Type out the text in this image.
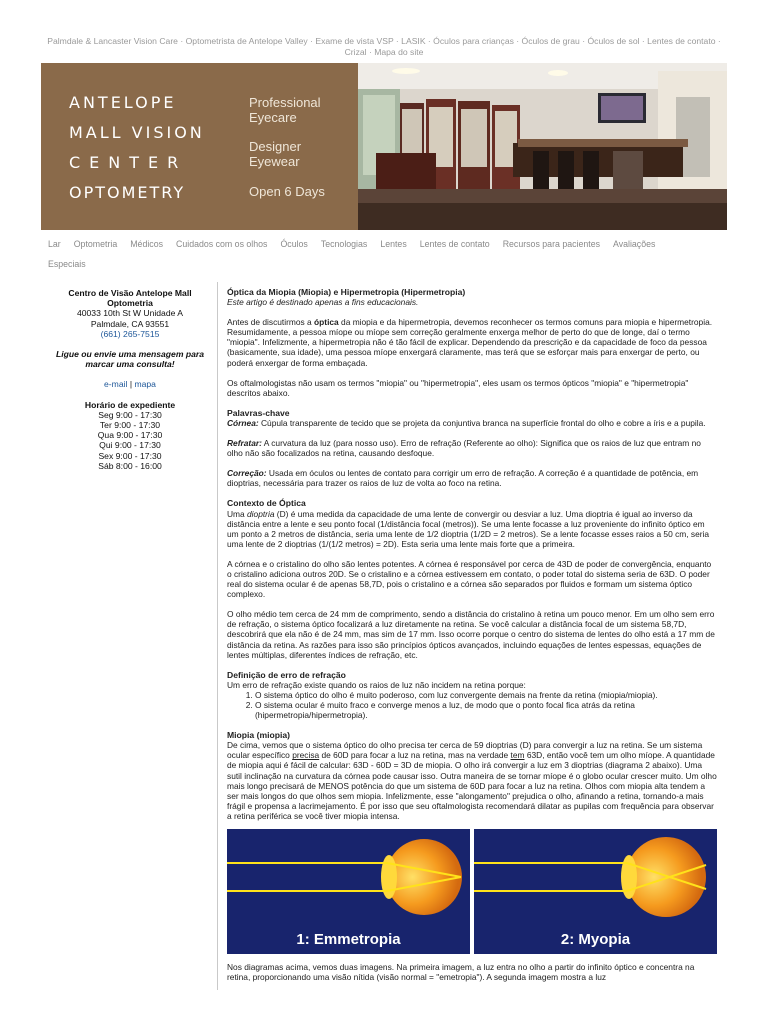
Palmdale & Lancaster Vision Care · Optometrista de Antelope Valley · Exame de vista VSP · LASIK · Óculos para crianças · Óculos de grau · Óculos de sol · Lentes de contato · Crizal · Mapa do site
ANTELOPE
MALL VISION
CENTER
OPTOMETRY
Professional Eyecare
Designer Eyewear
Open 6 Days
Lar Optometria Médicos Cuidados com os olhos Óculos Tecnologias Lentes Lentes de contato Recursos para pacientes Avaliações
Especiais
Centro de Visão Antelope Mall Optometria
40033 10th St W Unidade A
Palmdale, CA 93551
(661) 265-7515
Ligue ou envie uma mensagem para marcar uma consulta!
e-mail | mapa
Horário de expediente
Seg 9:00 - 17:30
Ter 9:00 - 17:30
Qua 9:00 - 17:30
Qui 9:00 - 17:30
Sex 9:00 - 17:30
Sáb 8:00 - 16:00
Óptica da Miopia (Miopia) e Hipermetropia (Hipermetropia)

Este artigo é destinado apenas a fins educacionais.

Antes de discutirmos a óptica da miopia e da hipermetropia, devemos reconhecer os termos comuns para miopia e hipermetropia. Resumidamente, a pessoa míope ou míope sem correção geralmente enxerga melhor de perto do que de longe, daí o termo "miopia". Infelizmente, a hipermetropia não é tão fácil de explicar. Dependendo da prescrição e da capacidade de foco da pessoa (basicamente, sua idade), uma pessoa míope enxergará claramente, mas terá que se esforçar mais para enxergar de perto, ou poderá enxergar de forma embaçada.

Os oftalmologistas não usam os termos "miopia" ou "hipermetropia", eles usam os termos ópticos "miopia" e "hipermetropia" descritos abaixo.

Palavras-chave

Córnea: Cúpula transparente de tecido que se projeta da conjuntiva branca na superfície frontal do olho e cobre a íris e a pupila.

Refratar: A curvatura da luz (para nosso uso). Erro de refração (Referente ao olho): Significa que os raios de luz que entram no olho não são focalizados na retina, causando desfoque.

Correção: Usada em óculos ou lentes de contato para corrigir um erro de refração. A correção é a quantidade de potência, em dioptrias, necessária para trazer os raios de luz de volta ao foco na retina.

Contexto de Óptica

Uma dioptria (D) é uma medida da capacidade de uma lente de convergir ou desviar a luz. Uma dioptria é igual ao inverso da distância entre a lente e seu ponto focal (1/distância focal (metros)). Se uma lente focasse a luz proveniente do infinito óptico em um ponto a 2 metros de distância, seria uma lente de 1/2 dioptria (1/2D = 2 metros). Se a lente focasse esses raios a 50 cm, seria uma lente de 2 dioptrias (1/(1/2 metros) = 2D). Esta seria uma lente mais forte que a primeira.

A córnea e o cristalino do olho são lentes potentes. A córnea é responsável por cerca de 43D de poder de convergência, enquanto o cristalino adiciona outros 20D. Se o cristalino e a córnea estivessem em contato, o poder total do sistema seria de 63D. O poder real do sistema ocular é de apenas 58,7D, pois o cristalino e a córnea são separados por fluidos e formam um sistema óptico complexo.

O olho médio tem cerca de 24 mm de comprimento, sendo a distância do cristalino à retina um pouco menor. Em um olho sem erro de refração, o sistema óptico focalizará a luz diretamente na retina. Se você calcular a distância focal de um sistema 58,7D, descobrirá que ela não é de 24 mm, mas sim de 17 mm. Isso ocorre porque o centro do sistema de lentes do olho está a 17 mm de distância da retina. As razões para isso são princípios ópticos avançados, incluindo equações de lentes espessas, equações de lentes múltiplas, diferentes índices de refração, etc.

Definição de erro de refração
Um erro de refração existe quando os raios de luz não incidem na retina porque:
1. O sistema óptico do olho é muito poderoso, com luz convergente demais na frente da retina (miopia/miopia).
2. O sistema ocular é muito fraco e converge menos a luz, de modo que o ponto focal fica atrás da retina (hipermetropia/hipermetropia).
Miopia (miopia)
De cima, vemos que o sistema óptico do olho precisa ter cerca de 59 dioptrias (D) para convergir a luz na retina. Se um sistema ocular específico precisa de 60D para focar a luz na retina, mas na verdade tem 63D, então você tem um olho míope. A quantidade de miopia aqui é fácil de calcular: 63D - 60D = 3D de miopia. O olho irá convergir a luz em 3 dioptrias (diagrama 2 abaixo). Uma sutil inclinação na curvatura da córnea pode causar isso. Outra maneira de se tornar míope é o globo ocular crescer muito. Um olho mais longo precisará de MENOS potência do que um sistema de 60D para focar a luz na retina. Olhos com miopia alta tendem a ser mais longos do que olhos sem miopia. Infelizmente, esse "alongamento" prejudica o olho, afinando a retina, tornando-a mais frágil e propensa a lacrimejamento. É por isso que seu oftalmologista recomendará dilatar as pupilas com frequência para observar a retina periférica se você tiver miopia intensa.
1: Emmetropia	2: Myopia
Nos diagramas acima, vemos duas imagens. Na primeira imagem, a luz entra no olho a partir do infinito óptico e concentra na retina, proporcionando uma visão nítida (visão normal = "emetropia"). A segunda imagem mostra a luz
